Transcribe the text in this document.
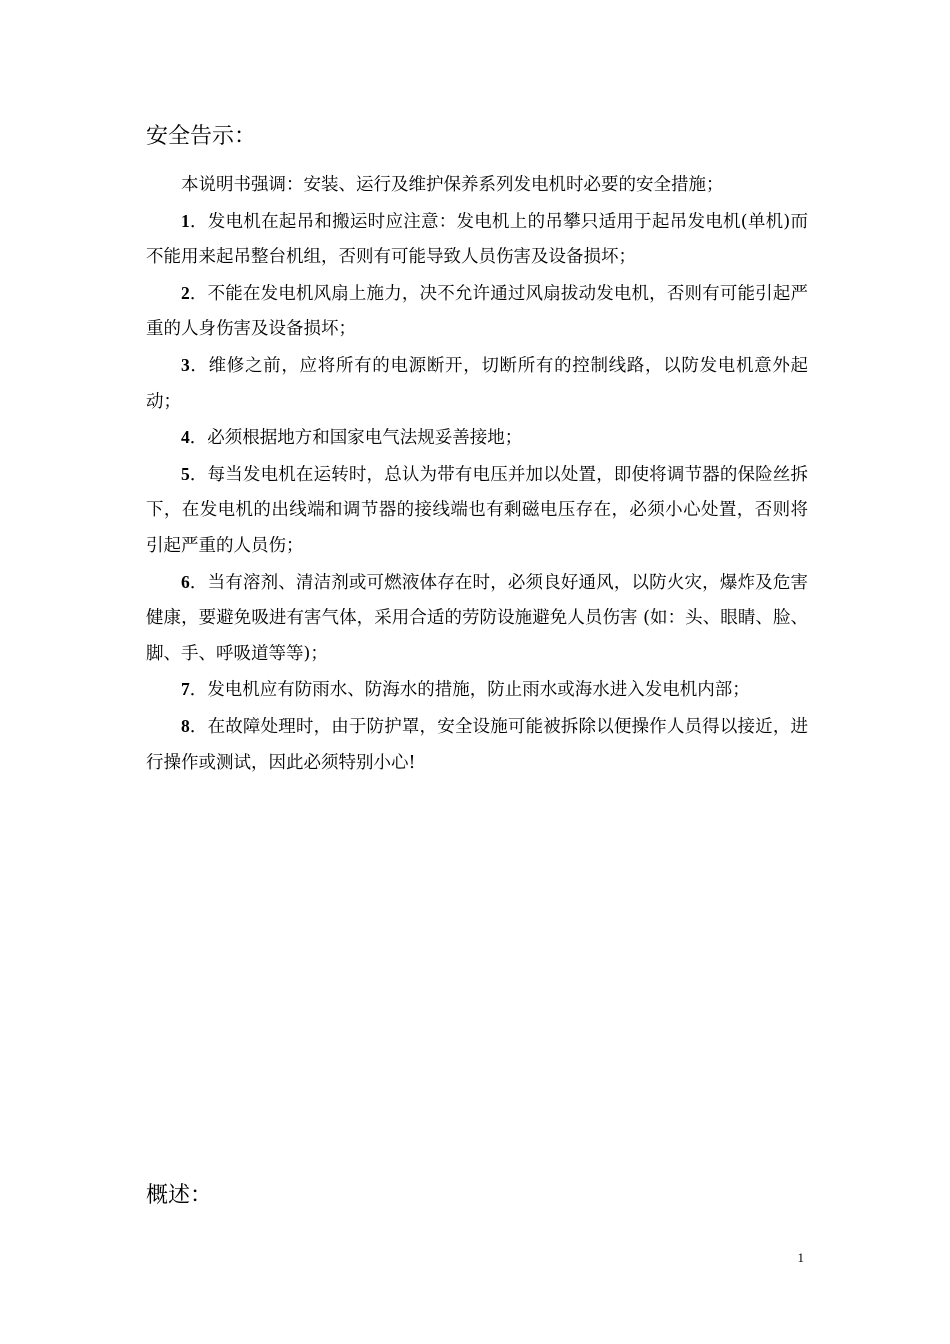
安全告示：

本说明书强调：安装、运行及维护保养系列发电机时必要的安全措施；

1．发电机在起吊和搬运时应注意：发电机上的吊攀只适用于起吊发电机(单机)而不能用来起吊整台机组，否则有可能导致人员伤害及设备损坏；

2．不能在发电机风扇上施力，决不允许通过风扇拔动发电机，否则有可能引起严重的人身伤害及设备损坏；

3．维修之前，应将所有的电源断开，切断所有的控制线路，以防发电机意外起动；

4．必须根据地方和国家电气法规妥善接地；

5．每当发电机在运转时，总认为带有电压并加以处置，即使将调节器的保险丝拆下，在发电机的出线端和调节器的接线端也有剩磁电压存在，必须小心处置，否则将引起严重的人员伤；

6．当有溶剂、清洁剂或可燃液体存在时，必须良好通风，以防火灾，爆炸及危害健康，要避免吸进有害气体，采用合适的劳防设施避免人员伤害 (如：头、眼睛、脸、脚、手、呼吸道等等)；

7．发电机应有防雨水、防海水的措施，防止雨水或海水进入发电机内部；

8．在故障处理时，由于防护罩，安全设施可能被拆除以便操作人员得以接近，进行操作或测试，因此必须特别小心!

概述：
1
